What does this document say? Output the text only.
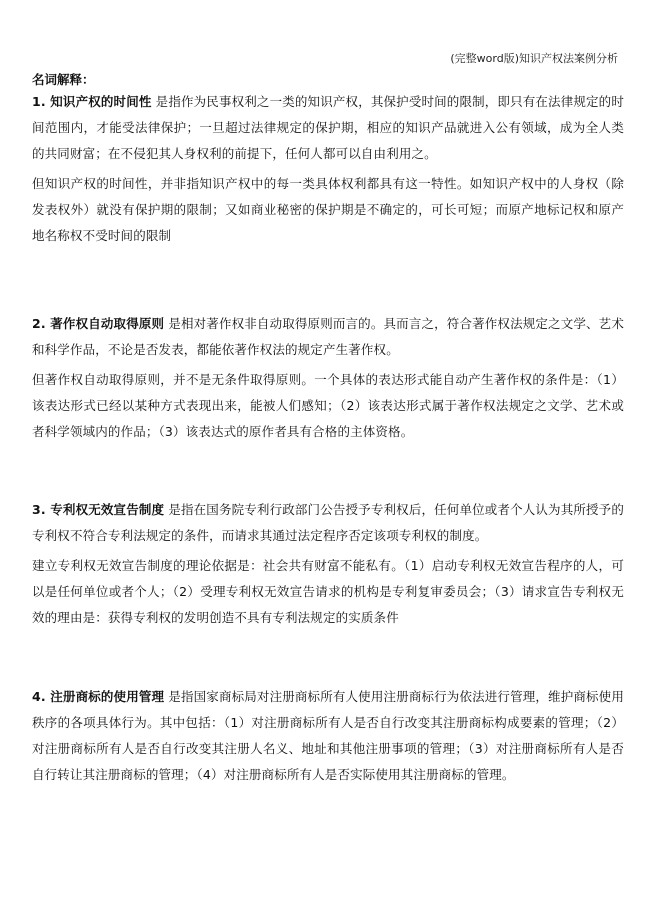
(完整word版)知识产权法案例分析
名词解释：

1. 知识产权的时间性 是指作为民事权利之一类的知识产权，其保护受时间的限制，即只有在法律规定的时间范围内，才能受法律保护；一旦超过法律规定的保护期，相应的知识产品就进入公有领域，成为全人类的共同财富；在不侵犯其人身权利的前提下，任何人都可以自由利用之。

但知识产权的时间性，并非指知识产权中的每一类具体权利都具有这一特性。如知识产权中的人身权（除发表权外）就没有保护期的限制；又如商业秘密的保护期是不确定的，可长可短；而原产地标记权和原产地名称权不受时间的限制

2. 著作权自动取得原则 是相对著作权非自动取得原则而言的。具而言之，符合著作权法规定之文学、艺术和科学作品，不论是否发表，都能依著作权法的规定产生著作权。

但著作权自动取得原则，并不是无条件取得原则。一个具体的表达形式能自动产生著作权的条件是：（1）该表达形式已经以某种方式表现出来，能被人们感知；（2）该表达形式属于著作权法规定之文学、艺术或者科学领域内的作品；（3）该表达式的原作者具有合格的主体资格。

3. 专利权无效宣告制度 是指在国务院专利行政部门公告授予专利权后，任何单位或者个人认为其所授予的专利权不符合专利法规定的条件，而请求其通过法定程序否定该项专利权的制度。

建立专利权无效宣告制度的理论依据是：社会共有财富不能私有。（1）启动专利权无效宣告程序的人，可以是任何单位或者个人；（2）受理专利权无效宣告请求的机构是专利复审委员会；（3）请求宣告专利权无效的理由是：获得专利权的发明创造不具有专利法规定的实质条件

4. 注册商标的使用管理 是指国家商标局对注册商标所有人使用注册商标行为依法进行管理，维护商标使用秩序的各项具体行为。其中包括：（1）对注册商标所有人是否自行改变其注册商标构成要素的管理；（2）对注册商标所有人是否自行改变其注册人名义、地址和其他注册事项的管理；（3）对注册商标所有人是否自行转让其注册商标的管理；（4）对注册商标所有人是否实际使用其注册商标的管理。
